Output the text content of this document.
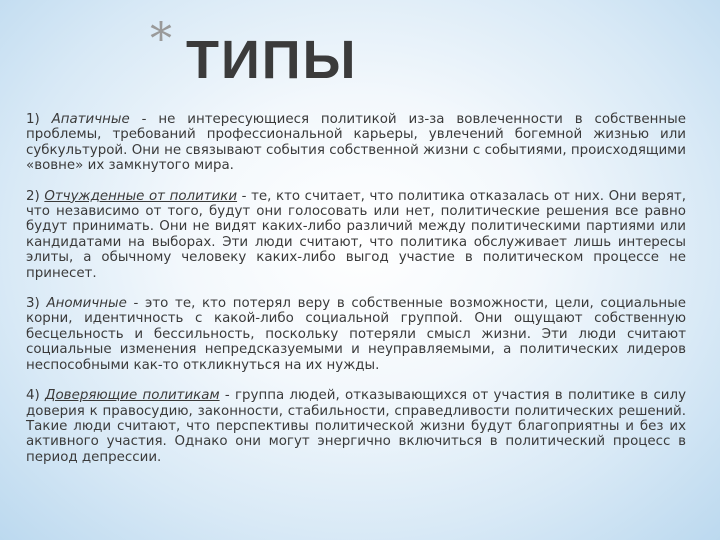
* ТИПЫ

1) Апатичные - не интересующиеся политикой из-за вовлеченности в собственные проблемы, требований профессиональной карьеры, увлечений богемной жизнью или субкультурой. Они не связывают события собственной жизни с событиями, происходящими «вовне» их замкнутого мира.

2) Отчужденные от политики - те, кто считает, что политика отказалась от них. Они верят, что независимо от того, будут они голосовать или нет, политические решения все равно будут принимать. Они не видят каких-либо различий между политическими партиями или кандидатами на выборах. Эти люди считают, что политика обслуживает лишь интересы элиты, а обычному человеку каких-либо выгод участие в политическом процессе не принесет.

3) Аномичные - это те, кто потерял веру в собственные возможности, цели, социальные корни, идентичность с какой-либо социальной группой. Они ощущают собственную бесцельность и бессильность, поскольку потеряли смысл жизни. Эти люди считают социальные изменения непредсказуемыми и неуправляемыми, а политических лидеров неспособными как-то откликнуться на их нужды.

4) Доверяющие политикам - группа людей, отказывающихся от участия в политике в силу доверия к правосудию, законности, стабильности, справедливости политических решений. Такие люди считают, что перспективы политической жизни будут благоприятны и без их активного участия. Однако они могут энергично включиться в политический процесс в период депрессии.
